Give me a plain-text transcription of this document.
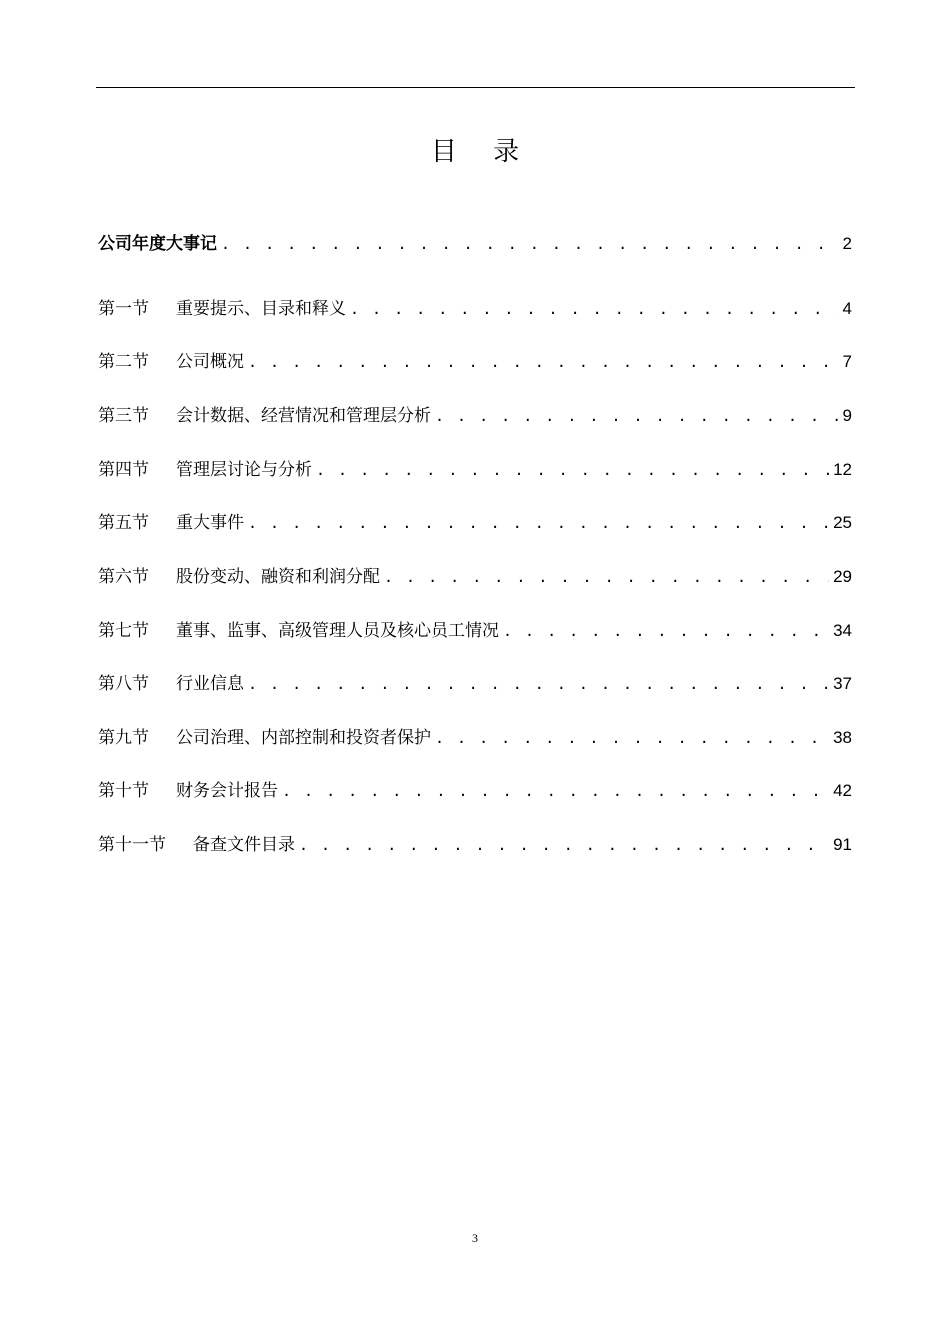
目 录
公司年度大事记 . . .	2
第一节 重要提示、目录和释义 . . .	4
第二节 公司概况 . . .	7
第三节 会计数据、经营情况和管理层分析 . . .	9
第四节 管理层讨论与分析 . . .	12
第五节 重大事件 . . .	25
第六节 股份变动、融资和利润分配 . . .	29
第七节 董事、监事、高级管理人员及核心员工情况 . . .	34
第八节 行业信息 . . .	37
第九节 公司治理、内部控制和投资者保护 . . .	38
第十节 财务会计报告 . . .	42
第十一节 备查文件目录 . . .	91
3
